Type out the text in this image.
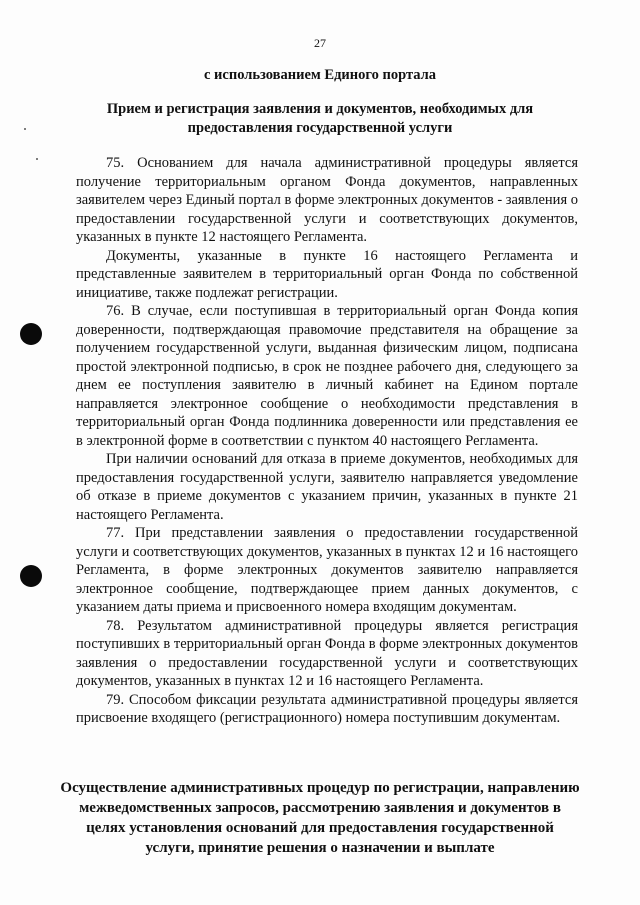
27
с использованием Единого портала
Прием и регистрация заявления и документов, необходимых для предоставления государственной услуги

75. Основанием для начала административной процедуры является получение территориальным органом Фонда документов, направленных заявителем через Единый портал в форме электронных документов - заявления о предоставлении государственной услуги и соответствующих документов, указанных в пункте 12 настоящего Регламента.

Документы, указанные в пункте 16 настоящего Регламента и представленные заявителем в территориальный орган Фонда по собственной инициативе, также подлежат регистрации.

76. В случае, если поступившая в территориальный орган Фонда копия доверенности, подтверждающая правомочие представителя на обращение за получением государственной услуги, выданная физическим лицом, подписана простой электронной подписью, в срок не позднее рабочего дня, следующего за днем ее поступления заявителю в личный кабинет на Едином портале направляется электронное сообщение о необходимости представления в территориальный орган Фонда подлинника доверенности или представления ее в электронной форме в соответствии с пунктом 40 настоящего Регламента.

При наличии оснований для отказа в приеме документов, необходимых для предоставления государственной услуги, заявителю направляется уведомление об отказе в приеме документов с указанием причин, указанных в пункте 21 настоящего Регламента.

77. При представлении заявления о предоставлении государственной услуги и соответствующих документов, указанных в пунктах 12 и 16 настоящего Регламента, в форме электронных документов заявителю направляется электронное сообщение, подтверждающее прием данных документов, с указанием даты приема и присвоенного номера входящим документам.

78. Результатом административной процедуры является регистрация поступивших в территориальный орган Фонда в форме электронных документов заявления о предоставлении государственной услуги и соответствующих документов, указанных в пунктах 12 и 16 настоящего Регламента.

79. Способом фиксации результата административной процедуры является присвоение входящего (регистрационного) номера поступившим документам.

Осуществление административных процедур по регистрации, направлению межведомственных запросов, рассмотрению заявления и документов в целях установления оснований для предоставления государственной услуги, принятие решения о назначении и выплате
